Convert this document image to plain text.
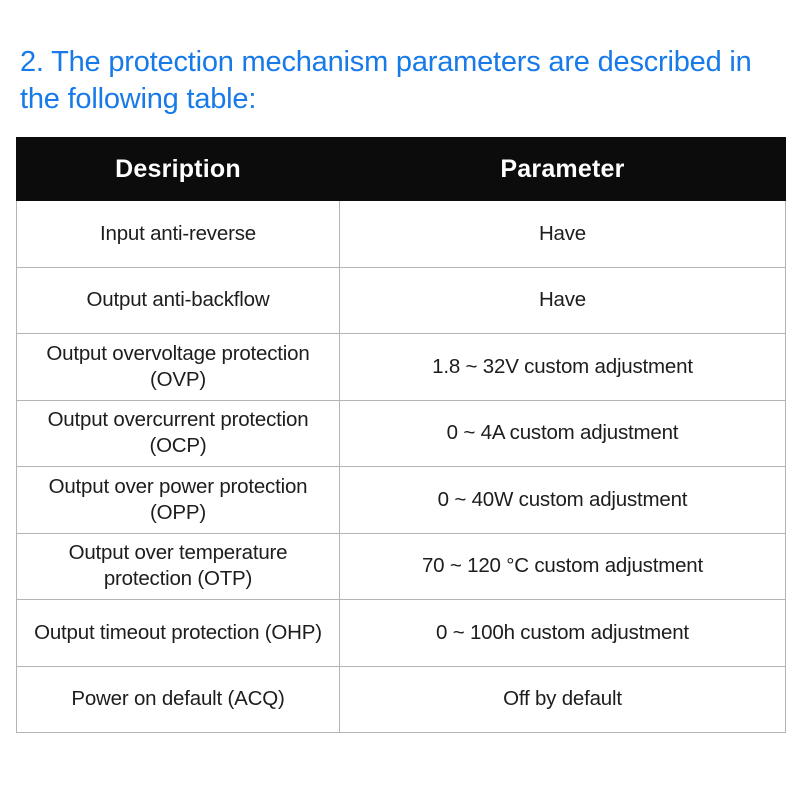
2. The protection mechanism parameters are described in the following table:
Desription	Parameter
Input anti-reverse	Have
Output anti-backflow	Have
Output overvoltage protection (OVP)	1.8 ~ 32V custom adjustment
Output overcurrent protection (OCP)	0 ~ 4A custom adjustment
Output over power protection (OPP)	0 ~ 40W custom adjustment
Output over temperature protection (OTP)	70 ~ 120 °C custom adjustment
Output timeout protection (OHP)	0 ~ 100h custom adjustment
Power on default (ACQ)	Off by default
